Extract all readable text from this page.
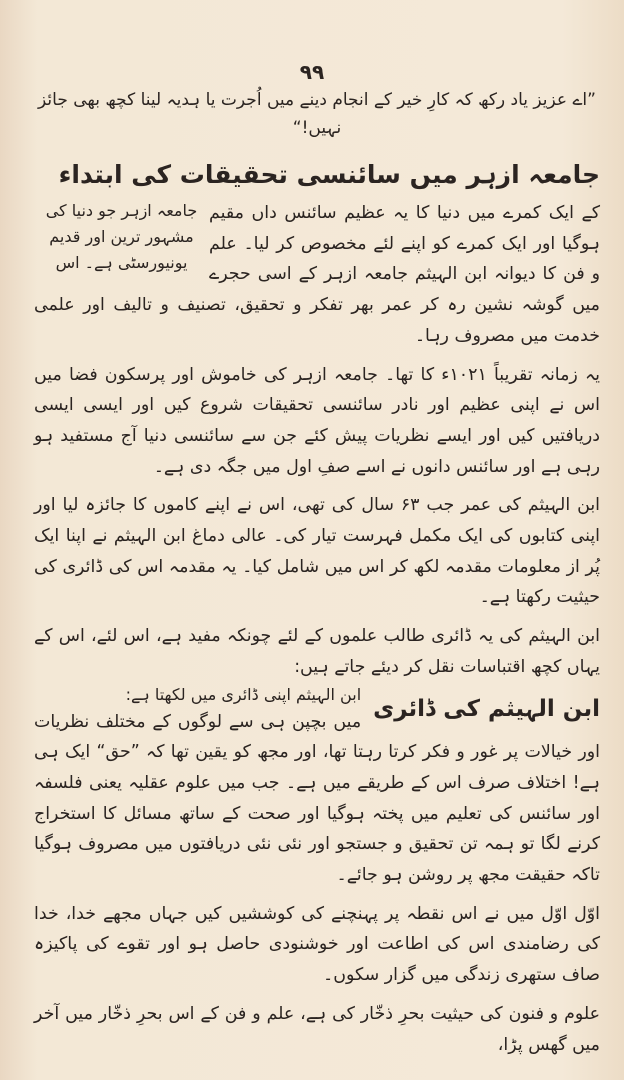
۹۹

”اے عزیز یاد رکھ کہ کارِ خیر کے انجام دینے میں اُجرت یا ہدیہ لینا کچھ بھی جائز نہیں!“

جامعہ ازہر میں سائنسی تحقیقات کی ابتداء
جامعہ ازہر جو دنیا کی مشہور ترین اور قدیم یونیورسٹی ہے۔ اس

کے ایک کمرے میں دنیا کا یہ عظیم سائنس داں مقیم ہوگیا اور ایک کمرے کو اپنے لئے مخصوص کر لیا۔ علم و فن کا دیوانہ ابن الہیثم جامعہ ازہر کے اسی حجرے میں گوشہ نشین رہ کر عمر بھر تفکر و تحقیق، تصنیف و تالیف اور علمی خدمت میں مصروف رہا۔

یہ زمانہ تقریباً ۱۰۲۱ء کا تھا۔ جامعہ ازہر کی خاموش اور پرسکون فضا میں اس نے اپنی عظیم اور نادر سائنسی تحقیقات شروع کیں اور ایسی ایسی دریافتیں کیں اور ایسے نظریات پیش کئے جن سے سائنسی دنیا آج مستفید ہو رہی ہے اور سائنس دانوں نے اسے صفِ اول میں جگہ دی ہے۔

ابن الہیثم کی عمر جب ۶۳ سال کی تھی، اس نے اپنے کاموں کا جائزہ لیا اور اپنی کتابوں کی ایک مکمل فہرست تیار کی۔ عالی دماغ ابن الہیثم نے اپنا ایک پُر از معلومات مقدمہ لکھ کر اس میں شامل کیا۔ یہ مقدمہ اس کی ڈائری کی حیثیت رکھتا ہے۔

ابن الہیثم کی یہ ڈائری طالب علموں کے لئے چونکہ مفید ہے، اس لئے، اس کے یہاں کچھ اقتباسات نقل کر دیئے جاتے ہیں:

ابن الہیثم کی ڈائری
ابن الہیثم اپنی ڈائری میں لکھتا ہے:

میں بچپن ہی سے لوگوں کے مختلف نظریات اور خیالات پر غور و فکر کرتا رہتا تھا، اور مجھ کو یقین تھا کہ ”حق“ ایک ہی ہے! اختلاف صرف اس کے طریقے میں ہے۔ جب میں علوم عقلیہ یعنی فلسفہ اور سائنس کی تعلیم میں پختہ ہوگیا اور صحت کے ساتھ مسائل کا استخراج کرنے لگا تو ہمہ تن تحقیق و جستجو اور نئی نئی دریافتوں میں مصروف ہوگیا تاکہ حقیقت مجھ پر روشن ہو جائے۔

اوّل اوّل میں نے اس نقطہ پر پہنچنے کی کوششیں کیں جہاں مجھے خدا، خدا کی رضامندی اس کی اطاعت اور خوشنودی حاصل ہو اور تقوے کی پاکیزہ صاف ستھری زندگی میں گزار سکوں۔

علوم و فنون کی حیثیت بحرِ ذخّار کی ہے، علم و فن کے اس بحرِ ذخّار میں آخر میں گھس پڑا،
